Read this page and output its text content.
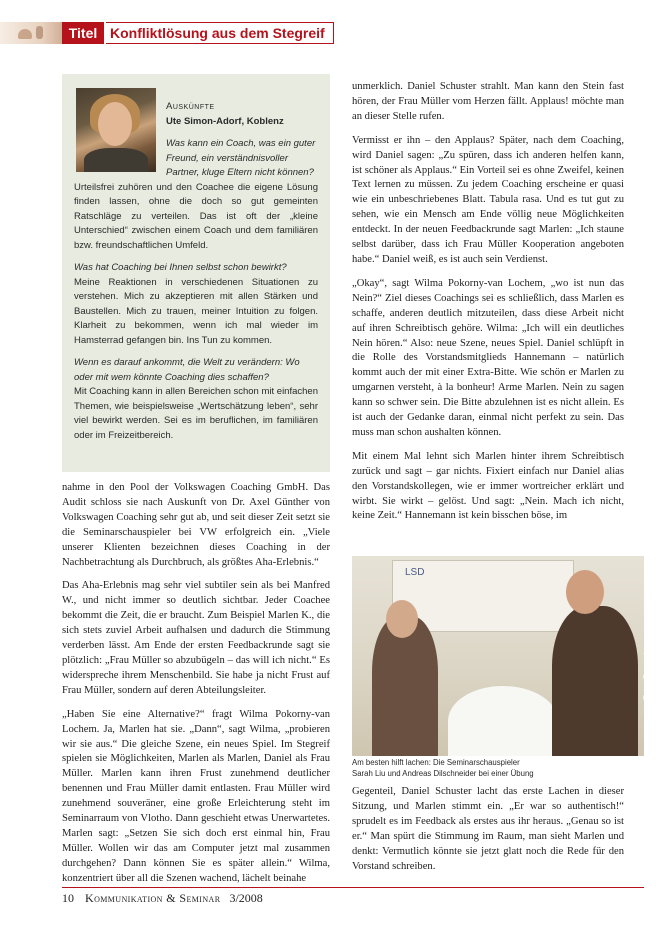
Titel Konfliktlösung aus dem Stegreif
Auskünfte
Ute Simon-Adorf, Koblenz
Was kann ein Coach, was ein guter Freund, ein verständnisvoller Partner, kluge Eltern nicht können?
Urteilsfrei zuhören und den Coachee die eigene Lösung finden lassen, ohne die doch so gut gemeinten Ratschläge zu verteilen. Das ist oft der „kleine Unterschied“ zwischen einem Coach und dem familiären bzw. freundschaftlichen Umfeld.
Was hat Coaching bei Ihnen selbst schon bewirkt?
Meine Reaktionen in verschiedenen Situationen zu verstehen. Mich zu akzeptieren mit allen Stärken und Baustellen. Mich zu trauen, meiner Intuition zu folgen. Klarheit zu bekommen, wenn ich mal wieder im Hamsterrad gefangen bin. Ins Tun zu kommen.
Wenn es darauf ankommt, die Welt zu verändern: Wo oder mit wem könnte Coaching dies schaffen?
Mit Coaching kann in allen Bereichen schon mit einfachen Themen, wie beispielsweise „Wertschätzung leben“, sehr viel bewirkt werden. Sei es im beruflichen, im familiären oder im Freizeitbereich.

nahme in den Pool der Volkswagen Coaching GmbH. Das Audit schloss sie nach Auskunft von Dr. Axel Günther von Volkswagen Coaching sehr gut ab, und seit dieser Zeit setzt sie die Seminarschauspieler bei VW erfolgreich ein. „Viele unserer Klienten bezeichnen dieses Coaching in der Nachbetrachtung als Durchbruch, als größtes Aha-Erlebnis.“

Das Aha-Erlebnis mag sehr viel subtiler sein als bei Manfred W., und nicht immer so deutlich sichtbar. Jeder Coachee bekommt die Zeit, die er braucht. Zum Beispiel Marlen K., die sich stets zuviel Arbeit aufhalsen und dadurch die Stimmung verderben lässt. Am Ende der ersten Feedbackrunde sagt sie plötzlich: „Frau Müller so abzubügeln – das will ich nicht.“ Es widerspreche ihrem Menschenbild. Sie habe ja nicht Frust auf Frau Müller, sondern auf deren Abteilungsleiter.

„Haben Sie eine Alternative?“ fragt Wilma Pokorny-van Lochem. Ja, Marlen hat sie. „Dann“, sagt Wilma, „probieren wir sie aus.“ Die gleiche Szene, ein neues Spiel. Im Stegreif spielen sie Möglichkeiten, Marlen als Marlen, Daniel als Frau Müller. Marlen kann ihren Frust zunehmend deutlicher benennen und Frau Müller damit entlasten. Frau Müller wird zunehmend souveräner, eine große Erleichterung steht im Seminarraum von Vlotho. Dann geschieht etwas Unerwartetes. Marlen sagt: „Setzen Sie sich doch erst einmal hin, Frau Müller. Wollen wir das am Computer jetzt mal zusammen durchgehen? Dann können Sie es später allein.“ Wilma, konzentriert über all die Szenen wachend, lächelt beinahe

unmerklich. Daniel Schuster strahlt. Man kann den Stein fast hören, der Frau Müller vom Herzen fällt. Applaus! möchte man an dieser Stelle rufen.

Vermisst er ihn – den Applaus? Später, nach dem Coaching, wird Daniel sagen: „Zu spüren, dass ich anderen helfen kann, ist schöner als Applaus.“ Ein Vorteil sei es ohne Zweifel, keinen Text lernen zu müssen. Zu jedem Coaching erscheine er quasi wie ein unbeschriebenes Blatt. Tabula rasa. Und es tut gut zu sehen, wie ein Mensch am Ende völlig neue Möglichkeiten entdeckt. In der neuen Feedbackrunde sagt Marlen: „Ich staune selbst darüber, dass ich Frau Müller Kooperation angeboten habe.“ Daniel weiß, es ist auch sein Verdienst.

„Okay“, sagt Wilma Pokorny-van Lochem, „wo ist nun das Nein?“ Ziel dieses Coachings sei es schließlich, dass Marlen es schaffe, anderen deutlich mitzuteilen, dass diese Arbeit nicht auf ihren Schreibtisch gehöre. Wilma: „Ich will ein deutliches Nein hören.“ Also: neue Szene, neues Spiel. Daniel schlüpft in die Rolle des Vorstandsmitglieds Hannemann – natürlich kommt auch der mit einer Extra-Bitte. Wie schön er Marlen zu umgarnen versteht, à la bonheur! Arme Marlen. Nein zu sagen kann so schwer sein. Die Bitte abzulehnen ist es nicht allein. Es ist auch der Gedanke daran, einmal nicht perfekt zu sein. Das muss man schon aushalten können.

Mit einem Mal lehnt sich Marlen hinter ihrem Schreibtisch zurück und sagt – gar nichts. Fixiert einfach nur Daniel alias den Vorstandskollegen, wie er immer wortreicher erklärt und wirbt. Sie wirkt – gelöst. Und sagt: „Nein. Mach ich nicht, keine Zeit.“ Hannemann ist kein bisschen böse, im

LSD
Foto: Synergie
Am besten hilft lachen: Die Seminarschauspieler
Sarah Liu und Andreas Dilschneider bei einer Übung

Gegenteil, Daniel Schuster lacht das erste Lachen in dieser Sitzung, und Marlen stimmt ein. „Er war so authentisch!“ sprudelt es im Feedback als erstes aus ihr heraus. „Genau so ist er.“ Man spürt die Stimmung im Raum, man sieht Marlen und denkt: Vermutlich könnte sie jetzt glatt noch die Rede für den Vorstand schreiben.

10 Kommunikation & Seminar 3/2008
